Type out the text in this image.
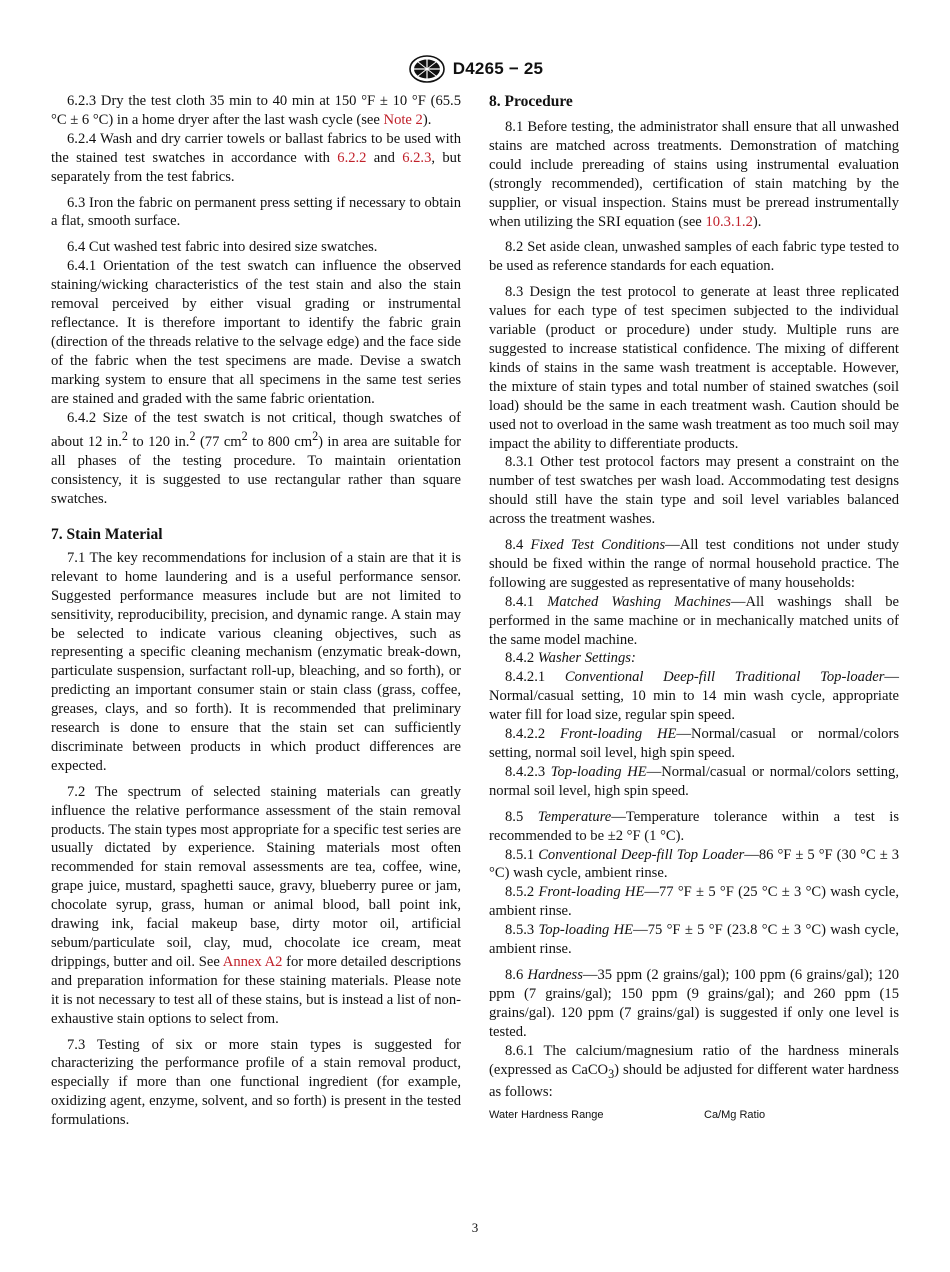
D4265 − 25

6.2.3 Dry the test cloth 35 min to 40 min at 150 °F ± 10 °F (65.5 °C ± 6 °C) in a home dryer after the last wash cycle (see Note 2).

6.2.4 Wash and dry carrier towels or ballast fabrics to be used with the stained test swatches in accordance with 6.2.2 and 6.2.3, but separately from the test fabrics.

6.3 Iron the fabric on permanent press setting if necessary to obtain a flat, smooth surface.

6.4 Cut washed test fabric into desired size swatches.

6.4.1 Orientation of the test swatch can influence the observed staining/wicking characteristics of the test stain and also the stain removal perceived by either visual grading or instrumental reflectance. It is therefore important to identify the fabric grain (direction of the threads relative to the selvage edge) and the face side of the fabric when the test specimens are made. Devise a swatch marking system to ensure that all specimens in the same test series are stained and graded with the same fabric orientation.

6.4.2 Size of the test swatch is not critical, though swatches of about 12 in.$^2$ to 120 in.$^2$ (77 $cm^2$ to 800 $cm^2$) in area are suitable for all phases of the testing procedure. To maintain orientation consistency, it is suggested to use rectangular rather than square swatches.

7. Stain Material

7.1 The key recommendations for inclusion of a stain are that it is relevant to home laundering and is a useful performance sensor. Suggested performance measures include but are not limited to sensitivity, reproducibility, precision, and dynamic range. A stain may be selected to indicate various cleaning objectives, such as representing a specific cleaning mechanism (enzymatic break-down, particulate suspension, surfactant roll-up, bleaching, and so forth), or predicting an important consumer stain or stain class (grass, coffee, greases, clays, and so forth). It is recommended that preliminary research is done to ensure that the stain set can sufficiently discriminate between products in which product differences are expected.

7.2 The spectrum of selected staining materials can greatly influence the relative performance assessment of the stain removal products. The stain types most appropriate for a specific test series are usually dictated by experience. Staining materials most often recommended for stain removal assessments are tea, coffee, wine, grape juice, mustard, spaghetti sauce, gravy, blueberry puree or jam, chocolate syrup, grass, human or animal blood, ball point ink, drawing ink, facial makeup base, dirty motor oil, artificial sebum/particulate soil, clay, mud, chocolate ice cream, meat drippings, butter and oil. See Annex A2 for more detailed descriptions and preparation information for these staining materials. Please note it is not necessary to test all of these stains, but is instead a list of non-exhaustive stain options to select from.

7.3 Testing of six or more stain types is suggested for characterizing the performance profile of a stain removal product, especially if more than one functional ingredient (for example, oxidizing agent, enzyme, solvent, and so forth) is present in the tested formulations.

8. Procedure

8.1 Before testing, the administrator shall ensure that all unwashed stains are matched across treatments. Demonstration of matching could include prereading of stains using instrumental evaluation (strongly recommended), certification of stain matching by the supplier, or visual inspection. Stains must be preread instrumentally when utilizing the SRI equation (see 10.3.1.2).

8.2 Set aside clean, unwashed samples of each fabric type tested to be used as reference standards for each equation.

8.3 Design the test protocol to generate at least three replicated values for each type of test specimen subjected to the individual variable (product or procedure) under study. Multiple runs are suggested to increase statistical confidence. The mixing of different kinds of stains in the same wash treatment is acceptable. However, the mixture of stain types and total number of stained swatches (soil load) should be the same in each treatment wash. Caution should be used not to overload in the same wash treatment as too much soil may impact the ability to differentiate products.

8.3.1 Other test protocol factors may present a constraint on the number of test swatches per wash load. Accommodating test designs should still have the stain type and soil level variables balanced across the treatment washes.

8.4 Fixed Test Conditions—All test conditions not under study should be fixed within the range of normal household practice. The following are suggested as representative of many households:

8.4.1 Matched Washing Machines—All washings shall be performed in the same machine or in mechanically matched units of the same model machine.

8.4.2 Washer Settings:

8.4.2.1 Conventional Deep-fill Traditional Top-loader—Normal/casual setting, 10 min to 14 min wash cycle, appropriate water fill for load size, regular spin speed.

8.4.2.2 Front-loading HE—Normal/casual or normal/colors setting, normal soil level, high spin speed.

8.4.2.3 Top-loading HE—Normal/casual or normal/colors setting, normal soil level, high spin speed.

8.5 Temperature—Temperature tolerance within a test is recommended to be ±2 °F (1 °C).

8.5.1 Conventional Deep-fill Top Loader—86 °F ± 5 °F (30 °C ± 3 °C) wash cycle, ambient rinse.

8.5.2 Front-loading HE—77 °F ± 5 °F (25 °C ± 3 °C) wash cycle, ambient rinse.

8.5.3 Top-loading HE—75 °F ± 5 °F (23.8 °C ± 3 °C) wash cycle, ambient rinse.

8.6 Hardness—35 ppm (2 grains/gal); 100 ppm (6 grains/gal); 120 ppm (7 grains/gal); 150 ppm (9 grains/gal); and 260 ppm (15 grains/gal). 120 ppm (7 grains/gal) is suggested if only one level is tested.

8.6.1 The calcium/magnesium ratio of the hardness minerals (expressed as CaCO$_3$) should be adjusted for different water hardness as follows:

Water Hardness Range	Ca/Mg Ratio
3
